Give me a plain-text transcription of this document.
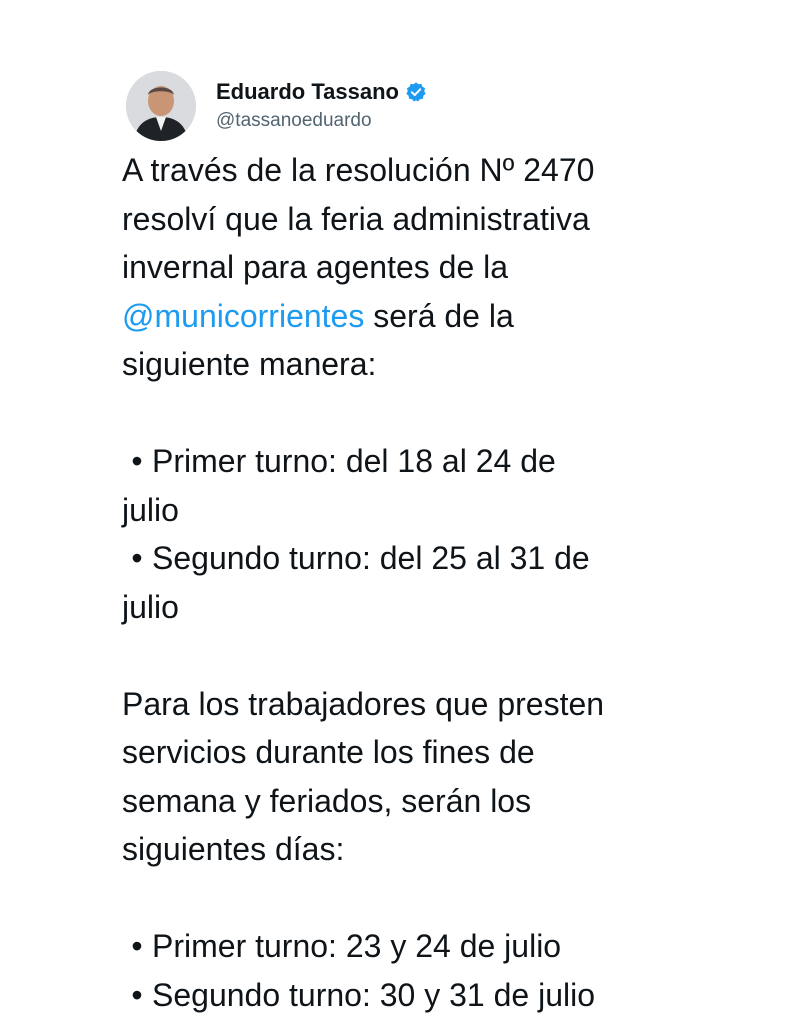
Eduardo Tassano
@tassanoeduardo

A través de la resolución Nº 2470

resolví que la feria administrativa

invernal para agentes de la

@municorrientes será de la

siguiente manera:

• Primer turno: del 18 al 24 de

julio

• Segundo turno: del 25 al 31 de

julio

Para los trabajadores que presten

servicios durante los fines de

semana y feriados, serán los

siguientes días:

• Primer turno: 23 y 24 de julio

• Segundo turno: 30 y 31 de julio
